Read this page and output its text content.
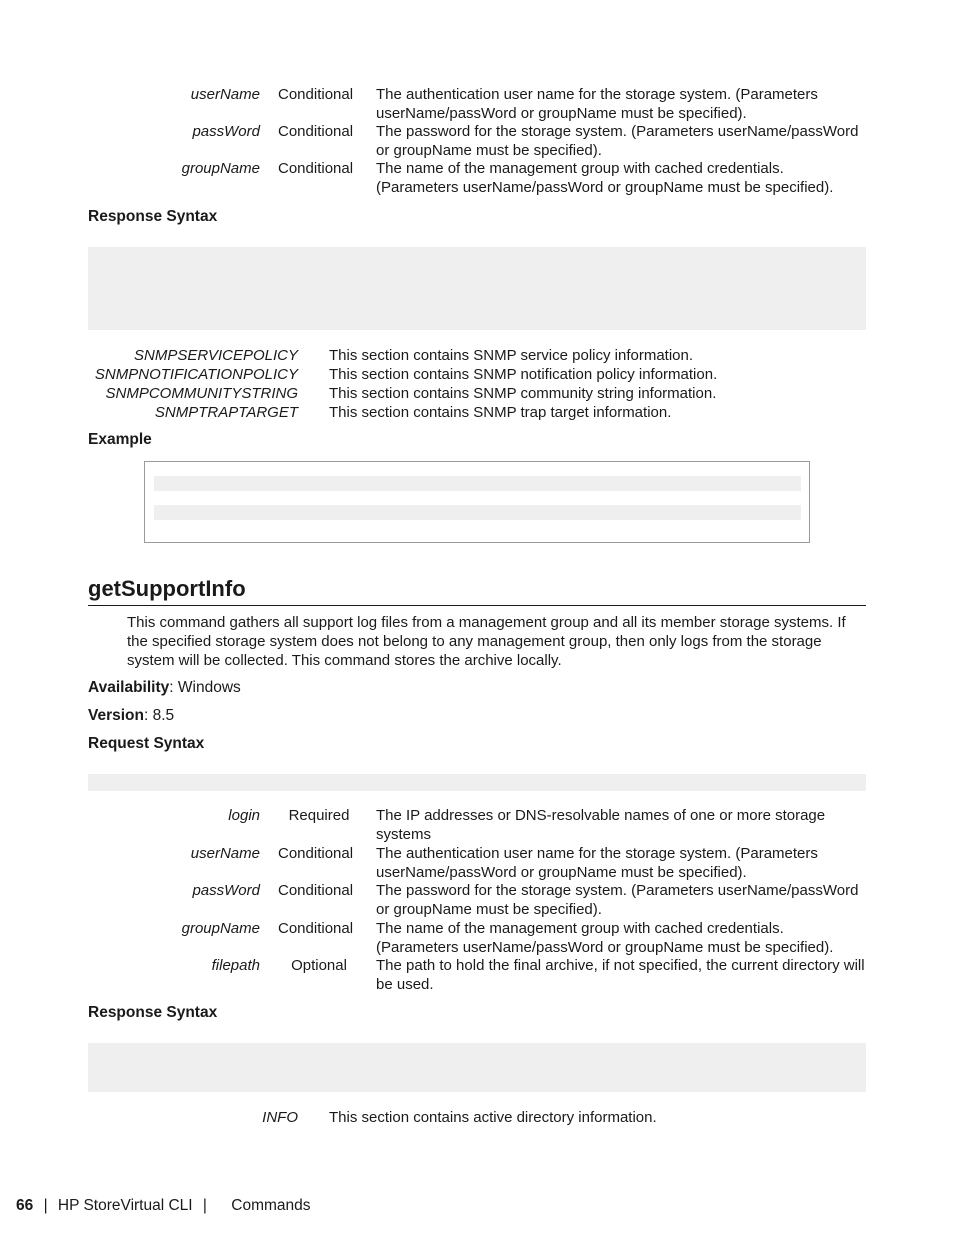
userName Conditional	The authentication user name for the storage system. (Parameters userName/passWord or groupName must be specified).
passWord Conditional	The password for the storage system. (Parameters userName/passWord or groupName must be specified).
groupName Conditional	The name of the management group with cached credentials. (Parameters userName/passWord or groupName must be specified).
Response Syntax
SNMPSERVICEPOLICY This section contains SNMP service policy information.
SNMPNOTIFICATIONPOLICY This section contains SNMP notification policy information.
SNMPCOMMUNITYSTRING This section contains SNMP community string information.
SNMPTRAPTARGET This section contains SNMP trap target information.
Example
getSupportInfo
This command gathers all support log files from a management group and all its member storage systems. If the specified storage system does not belong to any management group, then only logs from the storage system will be collected. This command stores the archive locally.
Availability: Windows
Version: 8.5
Request Syntax
login	Required	The IP addresses or DNS-resolvable names of one or more storage systems
userName Conditional	The authentication user name for the storage system. (Parameters userName/passWord or groupName must be specified).
passWord Conditional	The password for the storage system. (Parameters userName/passWord or groupName must be specified).
groupName Conditional	The name of the management group with cached credentials. (Parameters userName/passWord or groupName must be specified).
filepath	Optional	The path to hold the final archive, if not specified, the current directory will be used.
Response Syntax
INFO This section contains active directory information.
66 | HP StoreVirtual CLI | Commands
